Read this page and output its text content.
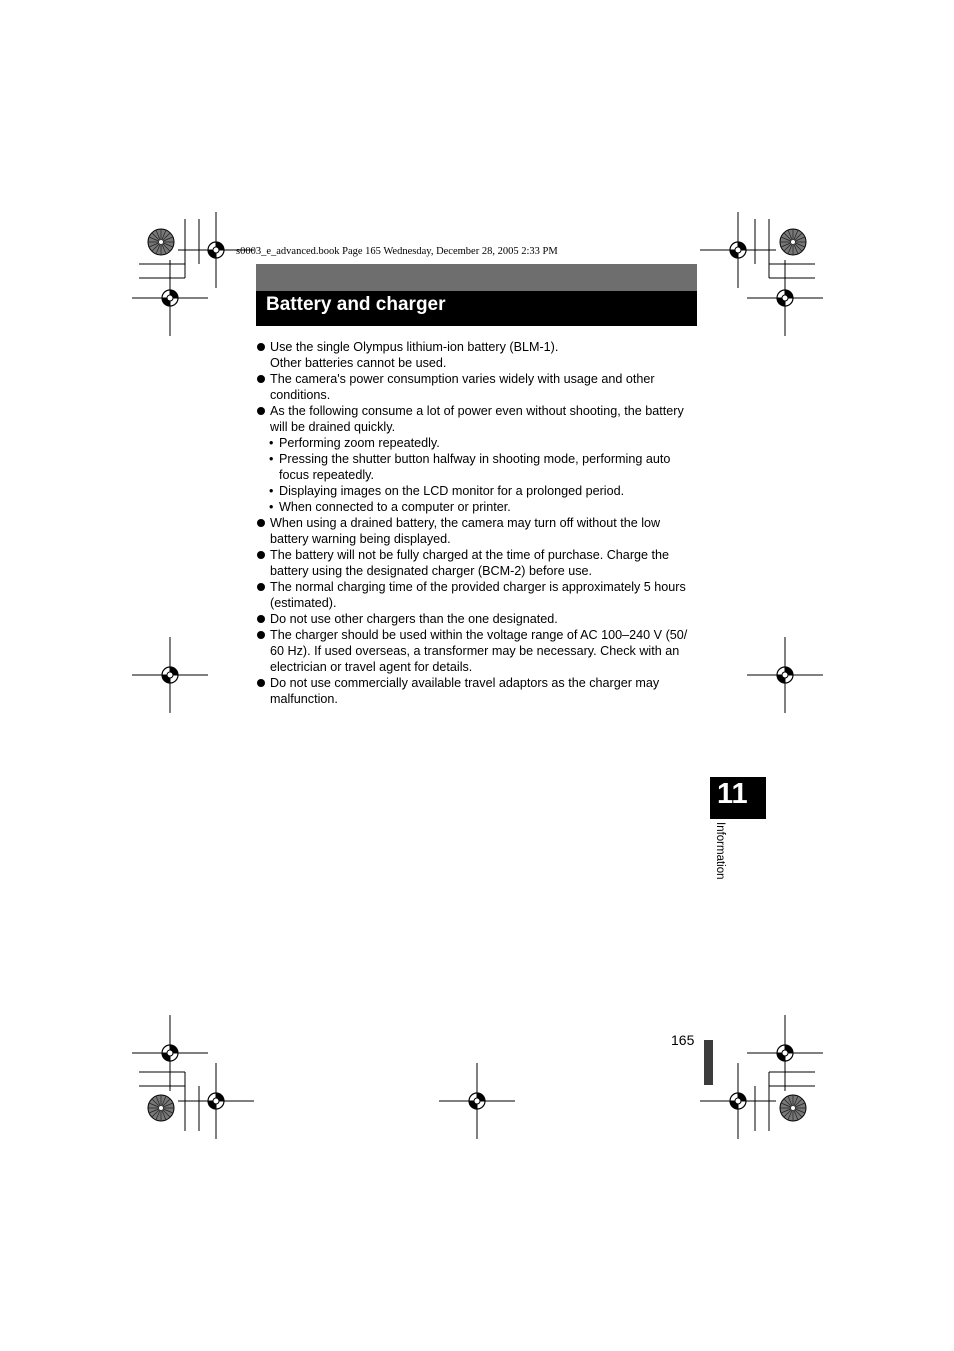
s0003_e_advanced.book Page 165 Wednesday, December 28, 2005 2:33 PM
Battery and charger
Use the single Olympus lithium-ion battery (BLM-1).
Other batteries cannot be used.
The camera's power consumption varies widely with usage and other
conditions.
As the following consume a lot of power even without shooting, the battery
will be drained quickly.
• Performing zoom repeatedly.
• Pressing the shutter button halfway in shooting mode, performing auto
focus repeatedly.
• Displaying images on the LCD monitor for a prolonged period.
• When connected to a computer or printer.
When using a drained battery, the camera may turn off without the low
battery warning being displayed.
The battery will not be fully charged at the time of purchase. Charge the
battery using the designated charger (BCM-2) before use.
The normal charging time of the provided charger is approximately 5 hours
(estimated).
Do not use other chargers than the one designated.
The charger should be used within the voltage range of AC 100–240 V (50/
60 Hz). If used overseas, a transformer may be necessary. Check with an
electrician or travel agent for details.
Do not use commercially available travel adaptors as the charger may
malfunction.
11
Information
165
